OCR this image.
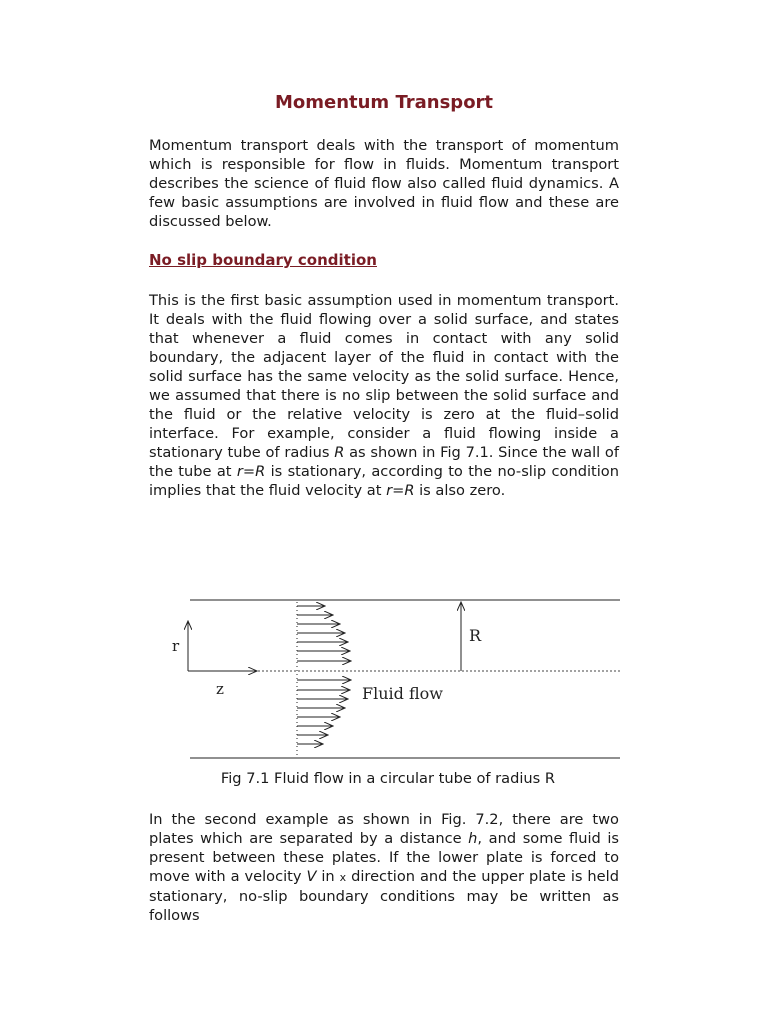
Momentum Transport

Momentum transport deals with the transport of momentum which is responsible for flow in fluids. Momentum transport describes the science of fluid flow also called fluid dynamics. A few basic assumptions are involved in fluid flow and these are discussed below.

No slip boundary condition

This is the first basic assumption used in momentum transport. It deals with the fluid flowing over a solid surface, and states that whenever a fluid comes in contact with any solid boundary, the adjacent layer of the fluid in contact with the solid surface has the same velocity as the solid surface. Hence, we assumed that there is no slip between the solid surface and the fluid or the relative velocity is zero at the fluid–solid interface. For example, consider a fluid flowing inside a stationary tube of radius R as shown in Fig 7.1. Since the wall of the tube at r=R is stationary, according to the no-slip condition implies that the fluid velocity at r=R is also zero.

r
z
R
Fluid flow

Fig 7.1 Fluid flow in a circular tube of radius R

In the second example as shown in Fig. 7.2, there are two plates which are separated by a distance h, and some fluid is present between these plates. If the lower plate is forced to move with a velocity V in x direction and the upper plate is held stationary, no-slip boundary conditions may be written as follows
